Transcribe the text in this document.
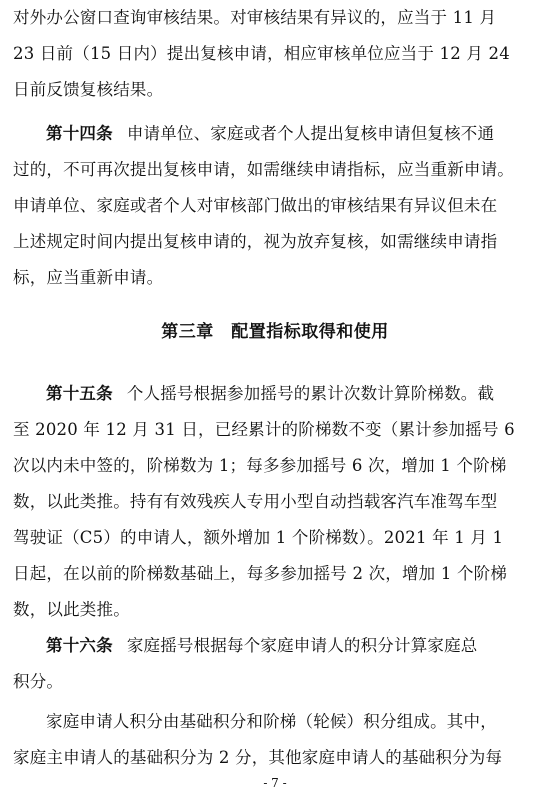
对外办公窗口查询审核结果。对审核结果有异议的，应当于 11 月
23 日前（15 日内）提出复核申请，相应审核单位应当于 12 月 24
日前反馈复核结果。
第十四条 申请单位、家庭或者个人提出复核申请但复核不通
过的，不可再次提出复核申请，如需继续申请指标，应当重新申请。
申请单位、家庭或者个人对审核部门做出的审核结果有异议但未在
上述规定时间内提出复核申请的，视为放弃复核，如需继续申请指
标，应当重新申请。
第三章　配置指标取得和使用
第十五条 个人摇号根据参加摇号的累计次数计算阶梯数。截
至 2020 年 12 月 31 日，已经累计的阶梯数不变（累计参加摇号 6
次以内未中签的，阶梯数为 1；每多参加摇号 6 次，增加 1 个阶梯
数，以此类推。持有有效残疾人专用小型自动挡载客汽车准驾车型
驾驶证（C5）的申请人，额外增加 1 个阶梯数）。2021 年 1 月 1
日起，在以前的阶梯数基础上，每多参加摇号 2 次，增加 1 个阶梯
数，以此类推。
第十六条 家庭摇号根据每个家庭申请人的积分计算家庭总
积分。
- 7 -
家庭申请人积分由基础积分和阶梯（轮候）积分组成。其中，
家庭主申请人的基础积分为 2 分，其他家庭申请人的基础积分为每
